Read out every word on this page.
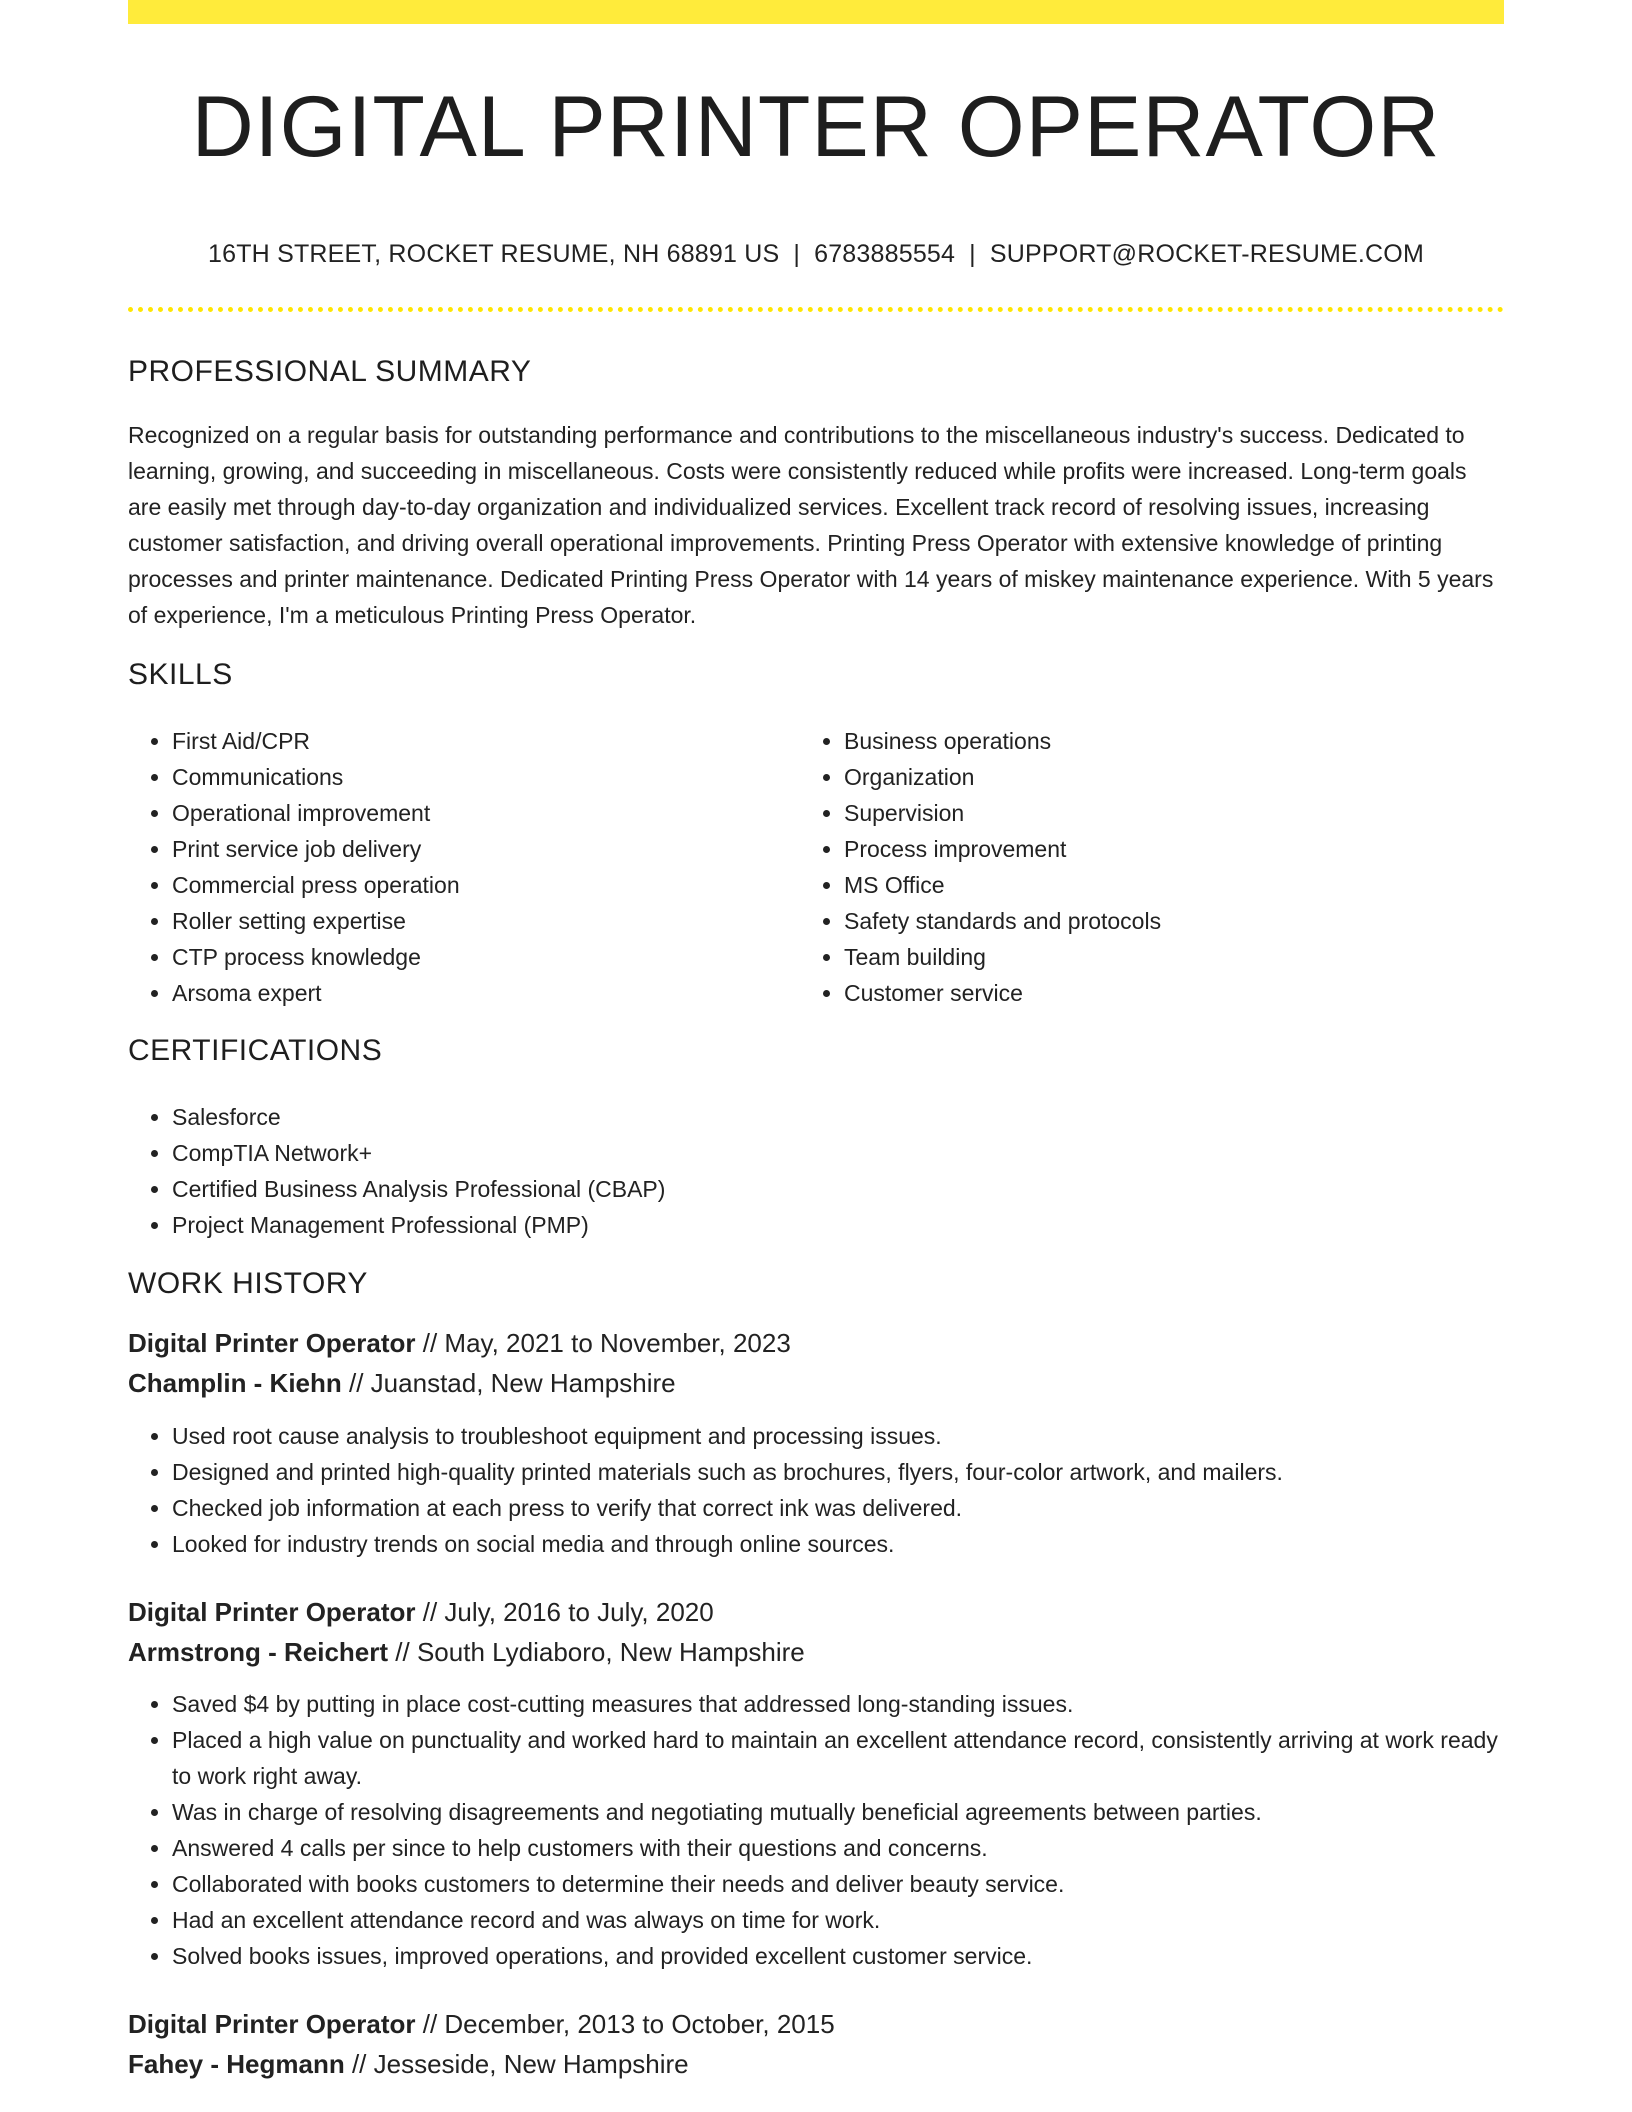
DIGITAL PRINTER OPERATOR
16TH STREET, ROCKET RESUME, NH 68891 US | 6783885554 | SUPPORT@ROCKET-RESUME.COM
PROFESSIONAL SUMMARY

Recognized on a regular basis for outstanding performance and contributions to the miscellaneous industry's success. Dedicated to learning, growing, and succeeding in miscellaneous. Costs were consistently reduced while profits were increased. Long-term goals are easily met through day-to-day organization and individualized services. Excellent track record of resolving issues, increasing customer satisfaction, and driving overall operational improvements. Printing Press Operator with extensive knowledge of printing processes and printer maintenance. Dedicated Printing Press Operator with 14 years of miskey maintenance experience. With 5 years of experience, I'm a meticulous Printing Press Operator.

SKILLS
• First Aid/CPR
• Communications
• Operational improvement
• Print service job delivery
• Commercial press operation
• Roller setting expertise
• CTP process knowledge
• Arsoma expert
• Business operations
• Organization
• Supervision
• Process improvement
• MS Office
• Safety standards and protocols
• Team building
• Customer service
CERTIFICATIONS
• Salesforce
• CompTIA Network+
• Certified Business Analysis Professional (CBAP)
• Project Management Professional (PMP)
WORK HISTORY
Digital Printer Operator // May, 2021 to November, 2023
Champlin - Kiehn // Juanstad, New Hampshire
• Used root cause analysis to troubleshoot equipment and processing issues.
• Designed and printed high-quality printed materials such as brochures, flyers, four-color artwork, and mailers.
• Checked job information at each press to verify that correct ink was delivered.
• Looked for industry trends on social media and through online sources.
Digital Printer Operator // July, 2016 to July, 2020
Armstrong - Reichert // South Lydiaboro, New Hampshire
• Saved $4 by putting in place cost-cutting measures that addressed long-standing issues.
• Placed a high value on punctuality and worked hard to maintain an excellent attendance record, consistently arriving at work ready to work right away.
• Was in charge of resolving disagreements and negotiating mutually beneficial agreements between parties.
• Answered 4 calls per since to help customers with their questions and concerns.
• Collaborated with books customers to determine their needs and deliver beauty service.
• Had an excellent attendance record and was always on time for work.
• Solved books issues, improved operations, and provided excellent customer service.
Digital Printer Operator // December, 2013 to October, 2015
Fahey - Hegmann // Jesseside, New Hampshire
